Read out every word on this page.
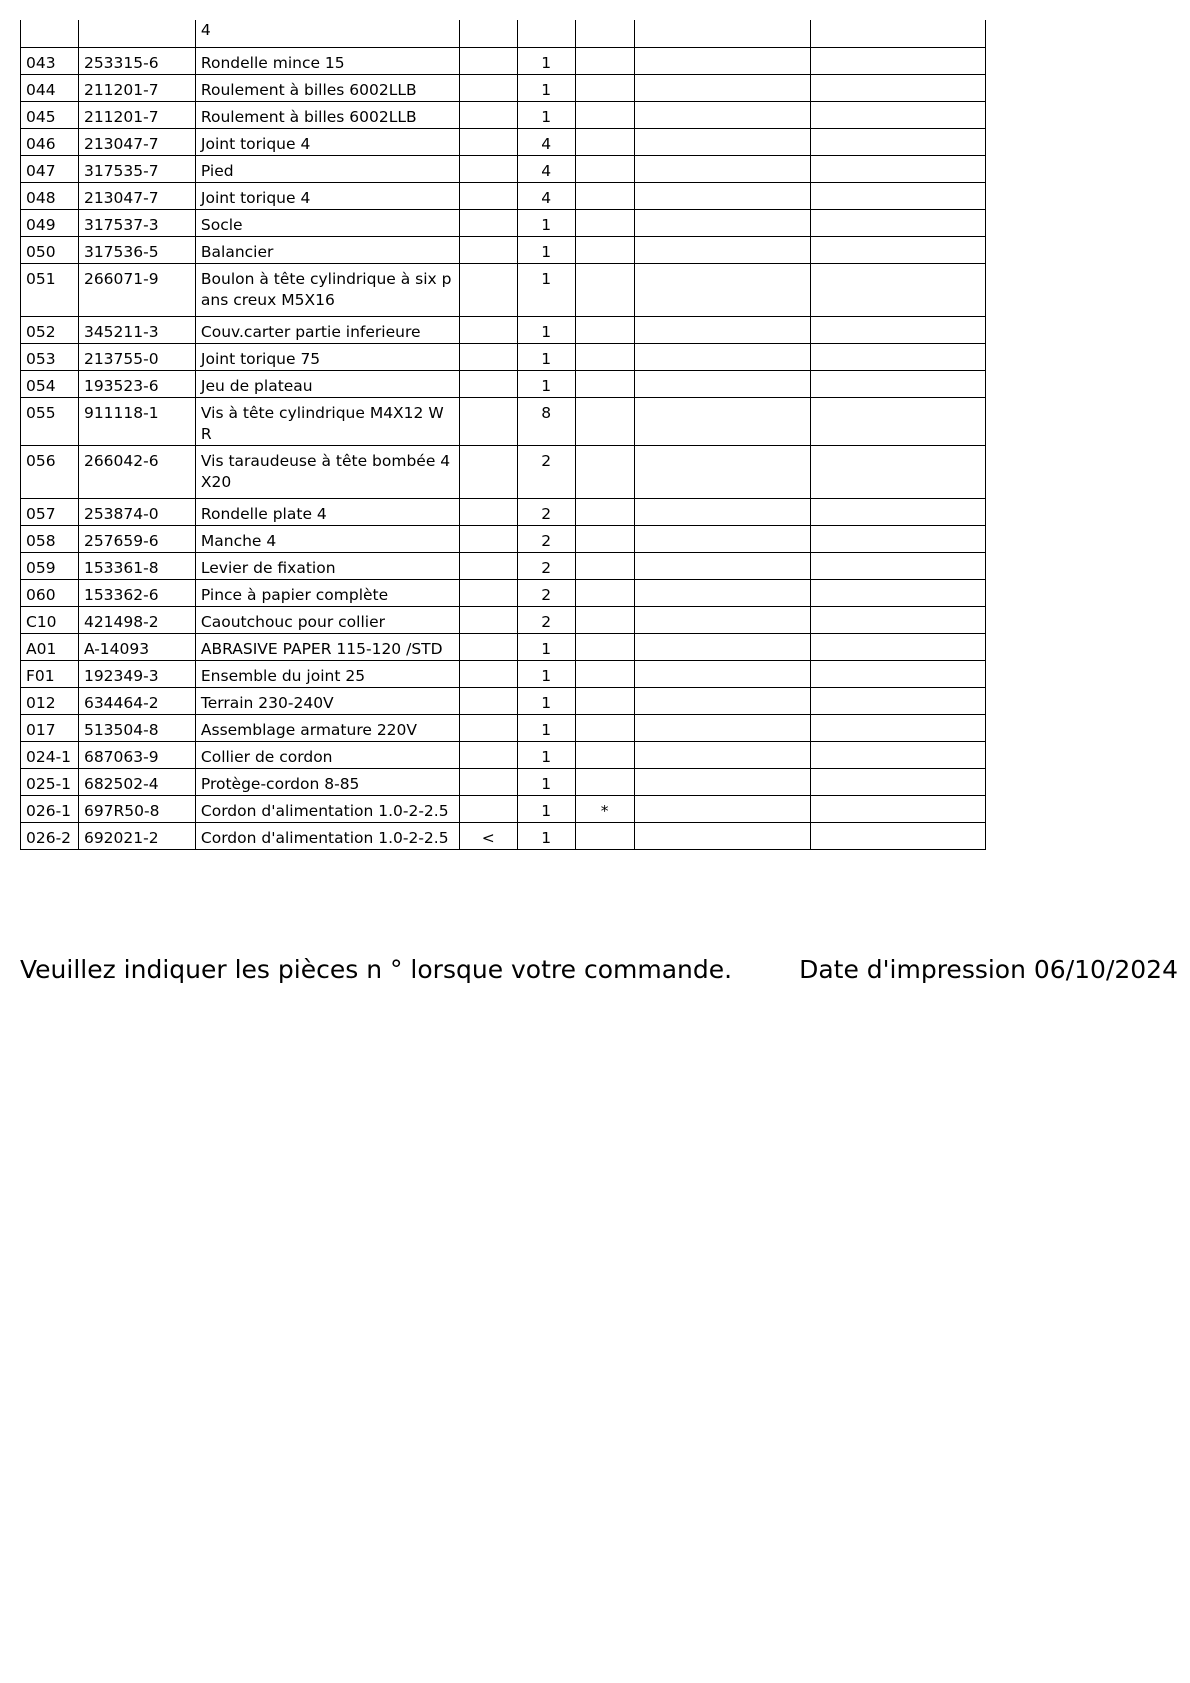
		4					
043	253315-6	Rondelle mince 15		1			
044	211201-7	Roulement à billes 6002LLB		1			
045	211201-7	Roulement à billes 6002LLB		1			
046	213047-7	Joint torique 4		4			
047	317535-7	Pied		4			
048	213047-7	Joint torique 4		4			
049	317537-3	Socle		1			
050	317536-5	Balancier		1			
051	266071-9	Boulon à tête cylindrique à six pans creux M5X16		1			
052	345211-3	Couv.carter partie inferieure		1			
053	213755-0	Joint torique 75		1			
054	193523-6	Jeu de plateau		1			
055	911118-1	Vis à tête cylindrique M4X12 WR		8			
056	266042-6	Vis taraudeuse à tête bombée 4X20		2			
057	253874-0	Rondelle plate 4		2			
058	257659-6	Manche 4		2			
059	153361-8	Levier de fixation		2			
060	153362-6	Pince à papier complète		2			
C10	421498-2	Caoutchouc pour collier		2			
A01	A-14093	ABRASIVE PAPER 115-120 /STD		1			
F01	192349-3	Ensemble du joint 25		1			
012	634464-2	Terrain 230-240V		1			
017	513504-8	Assemblage armature 220V		1			
024-1	687063-9	Collier de cordon		1			
025-1	682502-4	Protège-cordon 8-85		1			
026-1	697R50-8	Cordon d'alimentation 1.0-2-2.5		1	*		
026-2	692021-2	Cordon d'alimentation 1.0-2-2.5	<	1			
Veuillez indiquer les pièces n ° lorsque votre commande.	Date d'impression 06/10/2024
